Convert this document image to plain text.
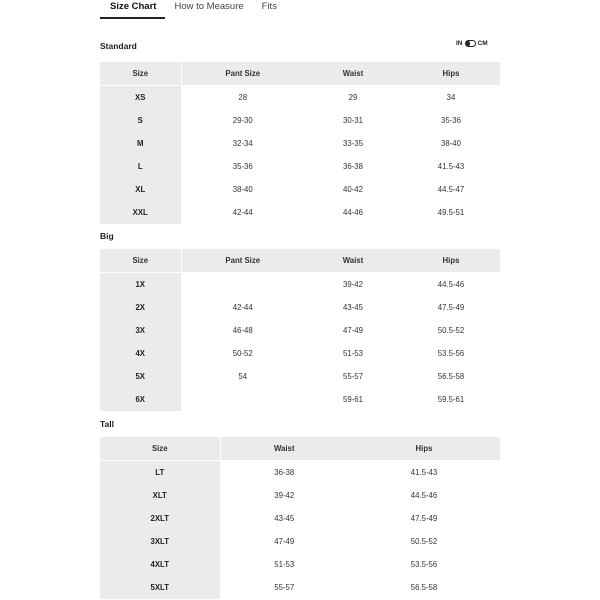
Size Chart	How to Measure	Fits
Standard	IN CM
Size	Pant Size	Waist	Hips
XS	28	29	34
S	29-30	30-31	35-36
M	32-34	33-35	38-40
L	35-36	36-38	41.5-43
XL	38-40	40-42	44.5-47
XXL	42-44	44-46	49.5-51
Big
Size	Pant Size	Waist	Hips
1X		39-42	44.5-46
2X	42-44	43-45	47.5-49
3X	46-48	47-49	50.5-52
4X	50-52	51-53	53.5-56
5X	54	55-57	56.5-58
6X		59-61	59.5-61
Tall
Size	Waist	Hips
LT	36-38	41.5-43
XLT	39-42	44.5-46
2XLT	43-45	47.5-49
3XLT	47-49	50.5-52
4XLT	51-53	53.5-56
5XLT	55-57	56.5-58
